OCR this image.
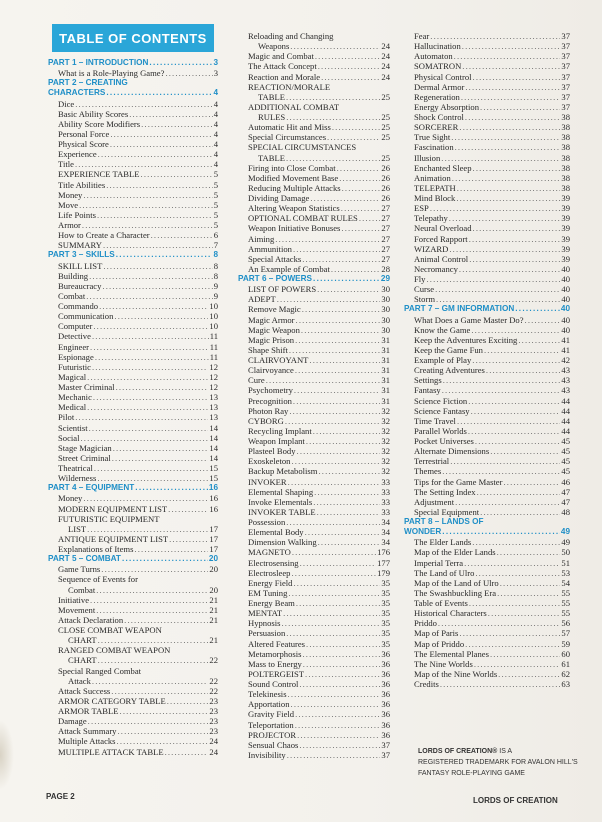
TABLE OF CONTENTS
PART 1 – INTRODUCTION . . .	3
What is a Role-Playing Game? . . .	3
PART 2 – CREATING
CHARACTERS . . .	4
Dice . . .	4
Basic Ability Scores . . .	4
Ability Score Modifiers . . .	4
Personal Force . . .	4
Physical Score . . .	4
Experience . . .	4
Title . . .	4
EXPERIENCE TABLE . . .	5
Title Abilities . . .	5
Money . . .	5
Move . . .	5
Life Points . . .	5
Armor . . .	5
How to Create a Character . . .	6
SUMMARY . . .	7
PART 3 – SKILLS . . .	8
SKILL LIST . . .	8
Building . . .	8
Bureaucracy . . .	9
Combat . . .	9
Commando . . .	10
Communication . . .	10
Computer . . .	10
Detective . . .	11
Engineer . . .	11
Espionage . . .	11
Futuristic . . .	12
Magical . . .	12
Master Criminal . . .	12
Mechanic . . .	13
Medical . . .	13
Pilot . . .	13
Scientist . . .	14
Social . . .	14
Stage Magician . . .	14
Street Criminal . . .	14
Theatrical . . .	15
Wilderness . . .	15
PART 4 – EQUIPMENT . . .	16
Money . . .	16
MODERN EQUIPMENT LIST . . .	16
FUTURISTIC EQUIPMENT
LIST . . .	17
ANTIQUE EQUIPMENT LIST . . .	17
Explanations of Items . . .	17
PART 5 – COMBAT . . .	20
Game Turns . . .	20
Sequence of Events for
Combat . . .	20
Initiative . . .	21
Movement . . .	21
Attack Declaration . . .	21
CLOSE COMBAT WEAPON
CHART . . .	21
RANGED COMBAT WEAPON
CHART . . .	22
Special Ranged Combat
Attack . . .	22
Attack Success . . .	22
ARMOR CATEGORY TABLE . . .	23
ARMOR TABLE . . .	23
Damage . . .	23
Attack Summary . . .	23
Multiple Attacks . . .	24
MULTIPLE ATTACK TABLE . . .	24
Reloading and Changing
Weapons . . .	24
Magic and Combat . . .	24
The Attack Concept . . .	24
Reaction and Morale . . .	24
REACTION/MORALE
TABLE . . .	25
ADDITIONAL COMBAT
RULES . . .	25
Automatic Hit and Miss . . .	25
Special Circumstances . . .	25
SPECIAL CIRCUMSTANCES
TABLE . . .	25
Firing into Close Combat . . .	26
Modified Movement Base . . .	26
Reducing Multiple Attacks . . .	26
Dividing Damage . . .	26
Altering Weapon Statistics . . .	27
OPTIONAL COMBAT RULES . . .	27
Weapon Initiative Bonuses . . .	27
Aiming . . .	27
Ammunition . . .	27
Special Attacks . . .	27
An Example of Combat . . .	28
PART 6 – POWERS . . .	29
LIST OF POWERS . . .	30
ADEPT . . .	30
Remove Magic . . .	30
Magic Armor . . .	30
Magic Weapon . . .	30
Magic Prison . . .	31
Shape Shift . . .	31
CLAIRVOYANT . . .	31
Clairvoyance . . .	31
Cure . . .	31
Psychometry . . .	31
Precognition . . .	31
Photon Ray . . .	32
CYBORG . . .	32
Recycling Implant . . .	32
Weapon Implant . . .	32
Plasteel Body . . .	32
Exoskeleton . . .	32
Backup Metabolism . . .	32
INVOKER . . .	33
Elemental Shaping . . .	33
Invoke Elementals . . .	33
INVOKER TABLE . . .	33
Possession . . .	34
Elemental Body . . .	34
Dimension Walking . . .	34
MAGNETO . . .	176
Electrosensing . . .	177
Electrosleep . . .	179
Energy Field . . .	35
EM Tuning . . .	35
Energy Beam . . .	35
MENTAT . . .	35
Hypnosis . . .	35
Persuasion . . .	35
Altered Features . . .	35
Metamorphosis . . .	36
Mass to Energy . . .	36
POLTERGEIST . . .	36
Sound Control . . .	36
Telekinesis . . .	36
Apportation . . .	36
Gravity Field . . .	36
Teleportation . . .	36
PROJECTOR . . .	36
Sensual Chaos . . .	37
Invisibility . . .	37
Fear . . .	37
Hallucination . . .	37
Automaton . . .	37
SOMATRON . . .	37
Physical Control . . .	37
Dermal Armor . . .	37
Regeneration . . .	37
Energy Absorption . . .	37
Shock Control . . .	38
SORCERER . . .	38
True Sight . . .	38
Fascination . . .	38
Illusion . . .	38
Enchanted Sleep . . .	38
Animation . . .	38
TELEPATH . . .	38
Mind Block . . .	39
ESP . . .	39
Telepathy . . .	39
Neural Overload . . .	39
Forced Rapport . . .	39
WIZARD . . .	39
Animal Control . . .	39
Necromancy . . .	40
Fly . . .	40
Curse . . .	40
Storm . . .	40
PART 7 – GM INFORMATION . . .	40
What Does a Game Master Do? . . .	40
Know the Game . . .	40
Keep the Adventures Exciting . . .	41
Keep the Game Fun . . .	41
Example of Play . . .	42
Creating Adventures . . .	43
Settings . . .	43
Fantasy . . .	43
Science Fiction . . .	44
Science Fantasy . . .	44
Time Travel . . .	44
Parallel Worlds . . .	44
Pocket Universes . . .	45
Alternate Dimensions . . .	45
Terrestrial . . .	45
Themes . . .	45
Tips for the Game Master . . .	46
The Setting Index . . .	47
Adjustment . . .	47
Special Equipment . . .	48
PART 8 – LANDS OF
WONDER . . .	49
The Elder Lands . . .	49
Map of the Elder Lands . . .	50
Imperial Terra . . .	51
The Land of Ulro . . .	53
Map of the Land of Ulro . . .	54
The Swashbuckling Era . . .	55
Table of Events . . .	55
Historical Characters . . .	55
Priddo . . .	56
Map of Paris . . .	57
Map of Priddo . . .	59
The Elemental Planes . . .	60
The Nine Worlds . . .	61
Map of the Nine Worlds . . .	62
Credits . . .	63
LORDS OF CREATION® IS A
REGISTERED TRADEMARK FOR AVALON HILL'S
FANTASY ROLE-PLAYING GAME
PAGE 2	LORDS OF CREATION
